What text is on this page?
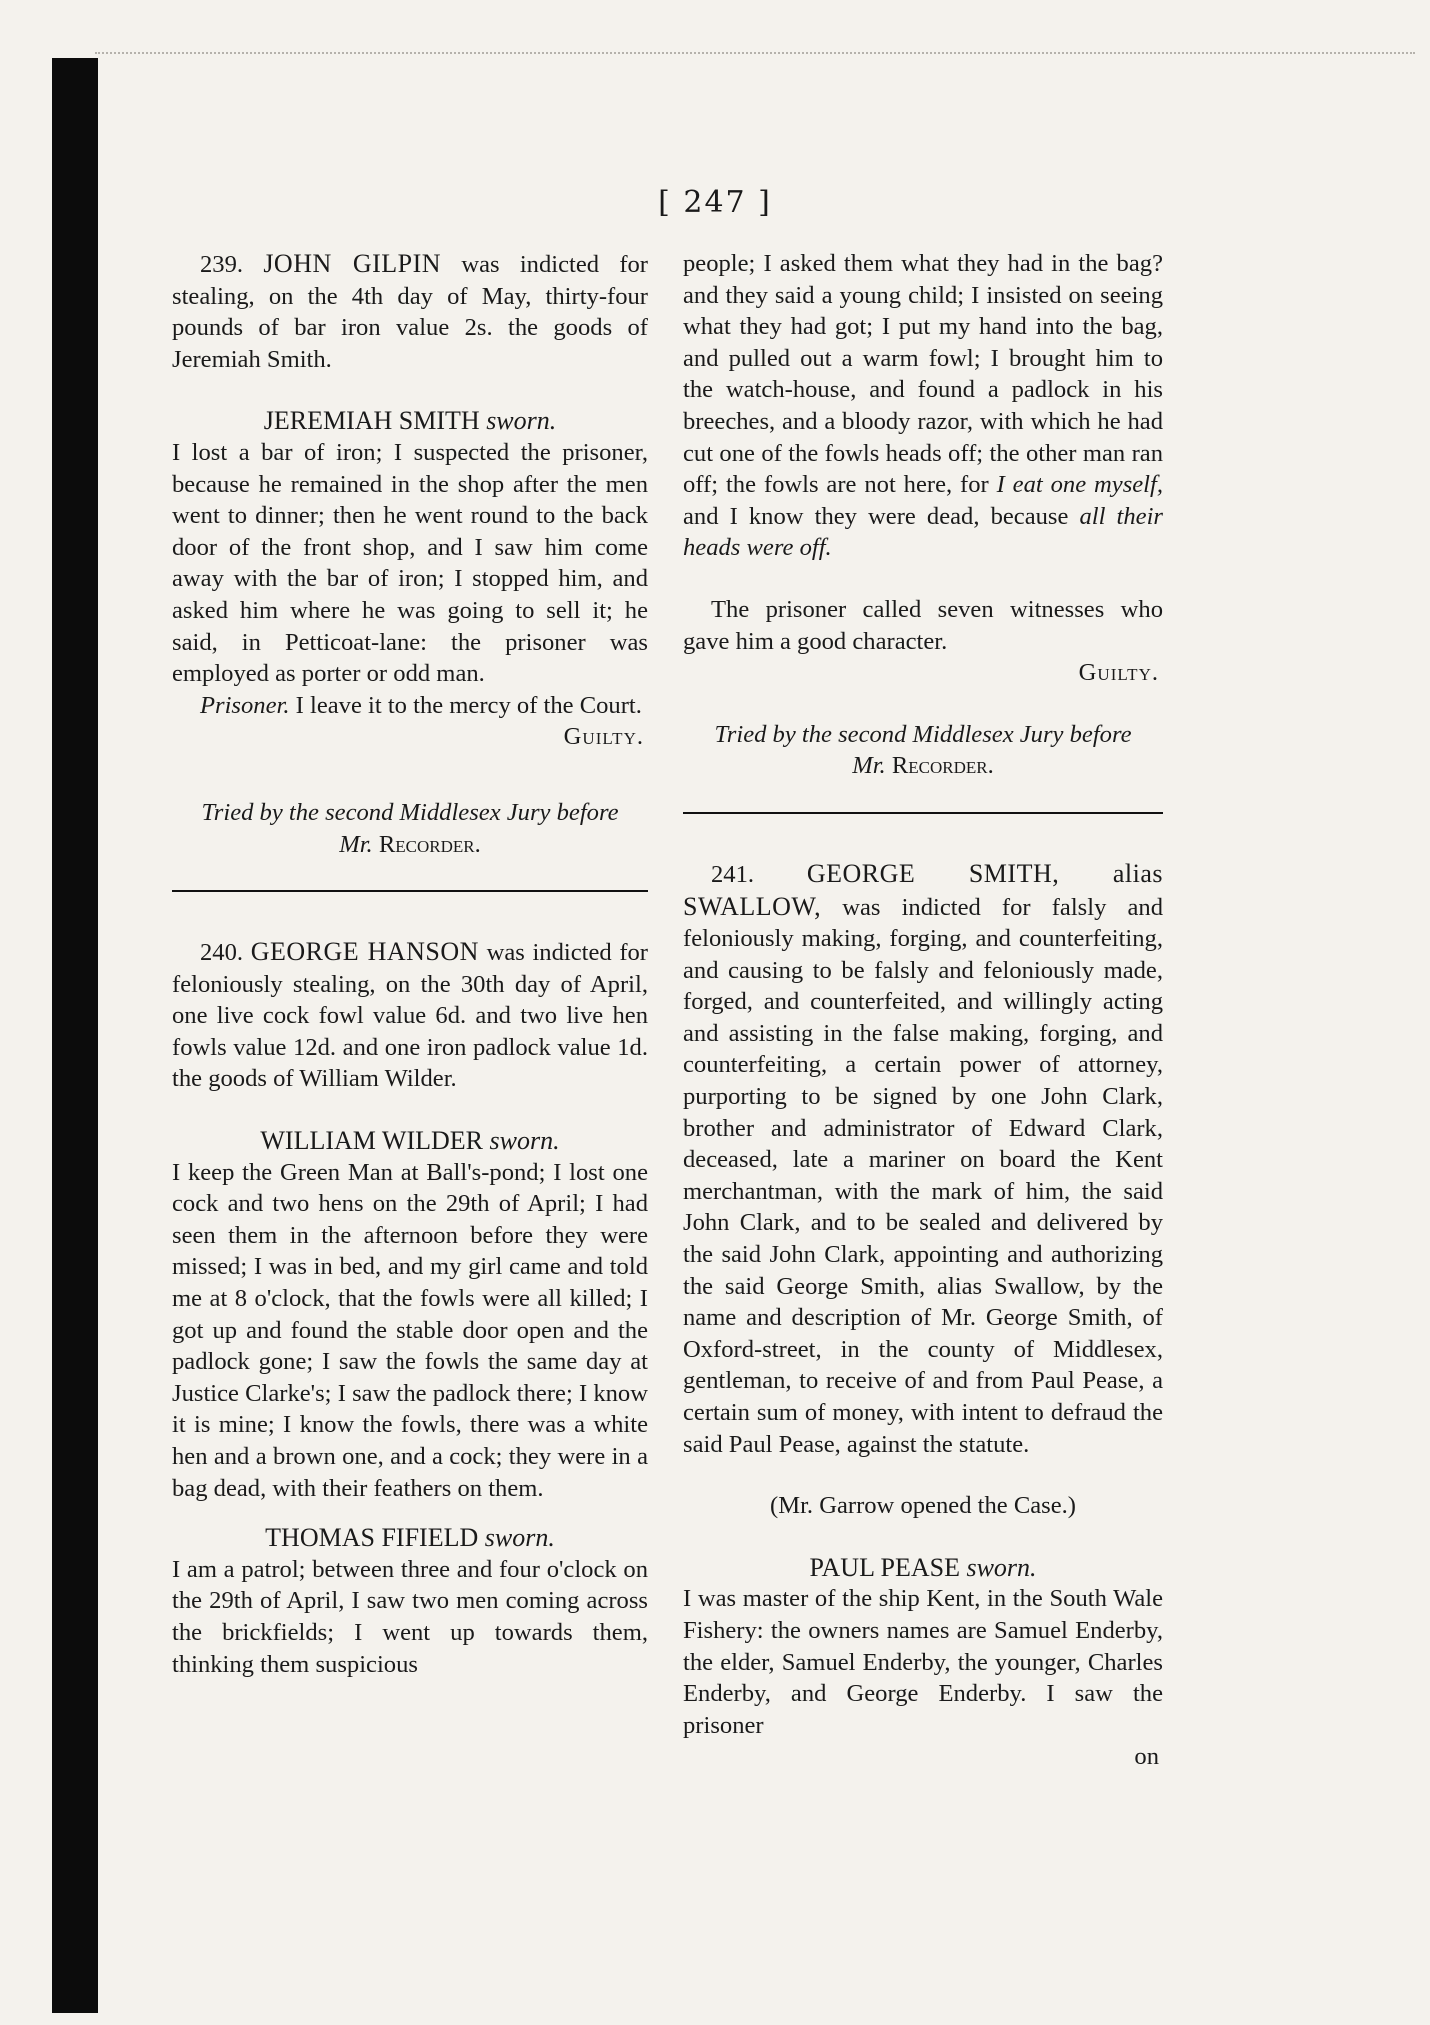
[ 247 ]

239. JOHN GILPIN was indicted for stealing, on the 4th day of May, thirty-four pounds of bar iron value 2s. the goods of Jeremiah Smith.

JEREMIAH SMITH sworn.

I lost a bar of iron; I suspected the prisoner, because he remained in the shop after the men went to dinner; then he went round to the back door of the front shop, and I saw him come away with the bar of iron; I stopped him, and asked him where he was going to sell it; he said, in Petticoat-lane: the prisoner was employed as porter or odd man.

Prisoner. I leave it to the mercy of the Court.

Guilty.

Tried by the second Middlesex Jury before
Mr. Recorder.

240. GEORGE HANSON was indicted for feloniously stealing, on the 30th day of April, one live cock fowl value 6d. and two live hen fowls value 12d. and one iron padlock value 1d. the goods of William Wilder.

WILLIAM WILDER sworn.

I keep the Green Man at Ball's-pond; I lost one cock and two hens on the 29th of April; I had seen them in the afternoon before they were missed; I was in bed, and my girl came and told me at 8 o'clock, that the fowls were all killed; I got up and found the stable door open and the padlock gone; I saw the fowls the same day at Justice Clarke's; I saw the padlock there; I know it is mine; I know the fowls, there was a white hen and a brown one, and a cock; they were in a bag dead, with their feathers on them.

THOMAS FIFIELD sworn.

I am a patrol; between three and four o'clock on the 29th of April, I saw two men coming across the brickfields; I went up towards them, thinking them suspicious

people; I asked them what they had in the bag? and they said a young child; I insisted on seeing what they had got; I put my hand into the bag, and pulled out a warm fowl; I brought him to the watch-house, and found a padlock in his breeches, and a bloody razor, with which he had cut one of the fowls heads off; the other man ran off; the fowls are not here, for I eat one myself, and I know they were dead, because all their heads were off.

The prisoner called seven witnesses who gave him a good character.

Guilty.

Tried by the second Middlesex Jury before
Mr. Recorder.

241. GEORGE SMITH, alias SWALLOW, was indicted for falsly and feloniously making, forging, and counterfeiting, and causing to be falsly and feloniously made, forged, and counterfeited, and willingly acting and assisting in the false making, forging, and counterfeiting, a certain power of attorney, purporting to be signed by one John Clark, brother and administrator of Edward Clark, deceased, late a mariner on board the Kent merchantman, with the mark of him, the said John Clark, and to be sealed and delivered by the said John Clark, appointing and authorizing the said George Smith, alias Swallow, by the name and description of Mr. George Smith, of Oxford-street, in the county of Middlesex, gentleman, to receive of and from Paul Pease, a certain sum of money, with intent to defraud the said Paul Pease, against the statute.

(Mr. Garrow opened the Case.)

PAUL PEASE sworn.

I was master of the ship Kent, in the South Wale Fishery: the owners names are Samuel Enderby, the elder, Samuel Enderby, the younger, Charles Enderby, and George Enderby. I saw the prisoner

on
